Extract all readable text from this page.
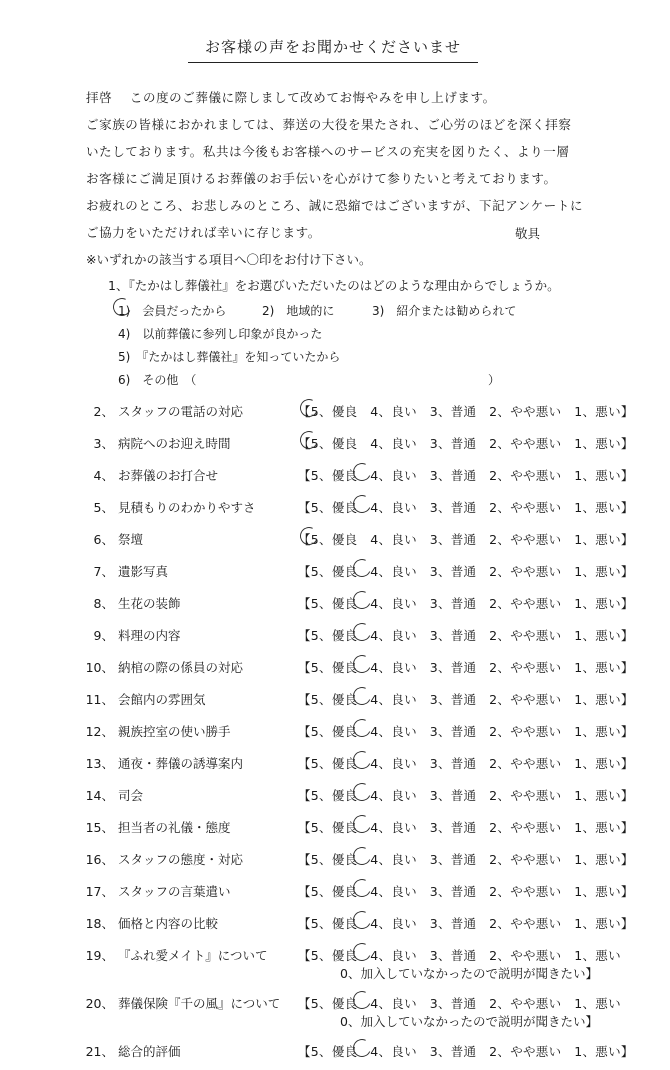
お客様の声をお聞かせくださいませ
拝啓　 この度のご葬儀に際しまして改めてお悔やみを申し上げます。
ご家族の皆様におかれましては、葬送の大役を果たされ、ご心労のほどを深く拝察
いたしております。私共は今後もお客様へのサービスの充実を図りたく、より一層
お客様にご満足頂けるお葬儀のお手伝いを心がけて参りたいと考えております。
お疲れのところ、お悲しみのところ、誠に恐縮ではございますが、下記アンケートに
ご協力をいただければ幸いに存じます。	敬具
※いずれかの該当する項目へ〇印をお付け下さい。
1、『たかはし葬儀社』をお選びいただいたのはどのような理由からでしょうか。
1)　会員だったから	2)　地域的に	3)　紹介または勧められて
4)　以前葬儀に参列し印象が良かった
5)　『たかはし葬儀社』を知っていたから
6)　その他　（	）
2、 スタッフの電話の対応	【5、優良　4、良い　3、普通　2、やや悪い　1、悪い】
3、 病院へのお迎え時間	【5、優良　4、良い　3、普通　2、やや悪い　1、悪い】
4、 お葬儀のお打合せ	【5、優良　4、良い　3、普通　2、やや悪い　1、悪い】
5、 見積もりのわかりやすさ	【5、優良　4、良い　3、普通　2、やや悪い　1、悪い】
6、 祭壇	【5、優良　4、良い　3、普通　2、やや悪い　1、悪い】
7、 遺影写真	【5、優良　4、良い　3、普通　2、やや悪い　1、悪い】
8、 生花の装飾	【5、優良　4、良い　3、普通　2、やや悪い　1、悪い】
9、 料理の内容	【5、優良　4、良い　3、普通　2、やや悪い　1、悪い】
10、 納棺の際の係員の対応	【5、優良　4、良い　3、普通　2、やや悪い　1、悪い】
11、 会館内の雰囲気	【5、優良　4、良い　3、普通　2、やや悪い　1、悪い】
12、 親族控室の使い勝手	【5、優良　4、良い　3、普通　2、やや悪い　1、悪い】
13、 通夜・葬儀の誘導案内	【5、優良　4、良い　3、普通　2、やや悪い　1、悪い】
14、 司会	【5、優良　4、良い　3、普通　2、やや悪い　1、悪い】
15、 担当者の礼儀・態度	【5、優良　4、良い　3、普通　2、やや悪い　1、悪い】
16、 スタッフの態度・対応	【5、優良　4、良い　3、普通　2、やや悪い　1、悪い】
17、 スタッフの言葉遣い	【5、優良　4、良い　3、普通　2、やや悪い　1、悪い】
18、 価格と内容の比較	【5、優良　4、良い　3、普通　2、やや悪い　1、悪い】
19、 『ふれ愛メイト』について 【5、優良　4、良い　3、普通　2、やや悪い　1、悪い
0、加入していなかったので説明が聞きたい】
20、 葬儀保険『千の風』について 【5、優良　4、良い　3、普通　2、やや悪い　1、悪い
0、加入していなかったので説明が聞きたい】
21、 総合的評価	【5、優良　4、良い　3、普通　2、やや悪い　1、悪い】
